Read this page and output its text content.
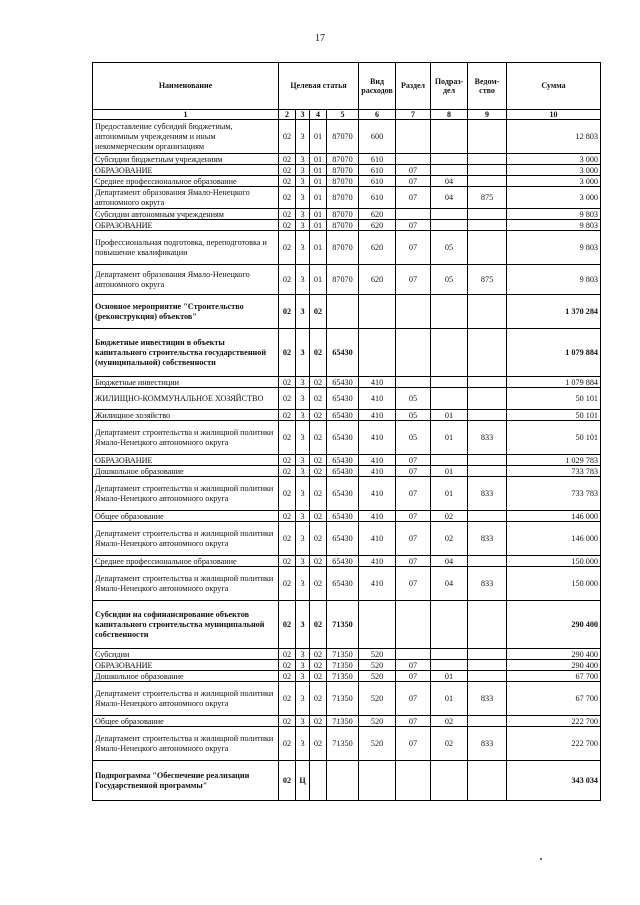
17
Наименование	Целевая статья				Вид расходов	Раздел	Подраз-дел	Ведом-ство	Сумма
1	2	3	4	5	6	7	8	9	10
Предоставление субсидий бюджетным, автономным учреждениям и иным некоммерческим организациям	02	3	01	87070	600				12 803
Субсидии бюджетным учреждениям	02	3	01	87070	610				3 000
ОБРАЗОВАНИЕ	02	3	01	87070	610	07			3 000
Среднее профессиональное образование	02	3	01	87070	610	07	04		3 000
Департамент образования Ямало-Ненецкого автономного округа	02	3	01	87070	610	07	04	875	3 000
Субсидии автономным учреждениям	02	3	01	87070	620				9 803
ОБРАЗОВАНИЕ	02	3	01	87070	620	07			9 803
Профессиональная подготовка, переподготовка и повышение квалификации	02	3	01	87070	620	07	05		9 803
Департамент образования Ямало-Ненецкого автономного округа	02	3	01	87070	620	07	05	875	9 803
Основное мероприятие "Строительство (реконструкция) объектов"	02	3	02						1 370 284
Бюджетные инвестиции в объекты капитального строительства государственной (муниципальной) собственности	02	3	02	65430					1 079 884
Бюджетные инвестиции	02	3	02	65430	410				1 079 884
ЖИЛИЩНО-КОММУНАЛЬНОЕ ХОЗЯЙСТВО	02	3	02	65430	410	05			50 101
Жилищное хозяйство	02	3	02	65430	410	05	01		50 101
Департамент строительства и жилищной политики Ямало-Ненецкого автономного округа	02	3	02	65430	410	05	01	833	50 101
ОБРАЗОВАНИЕ	02	3	02	65430	410	07			1 029 783
Дошкольное образование	02	3	02	65430	410	07	01		733 783
Департамент строительства и жилищной политики Ямало-Ненецкого автономного округа	02	3	02	65430	410	07	01	833	733 783
Общее образование	02	3	02	65430	410	07	02		146 000
Департамент строительства и жилищной политики Ямало-Ненецкого автономного округа	02	3	02	65430	410	07	02	833	146 000
Среднее профессиональное образование	02	3	02	65430	410	07	04		150 000
Департамент строительства и жилищной политики Ямало-Ненецкого автономного округа	02	3	02	65430	410	07	04	833	150 000
Субсидии на софинансирование объектов капитального строительства муниципальной собственности	02	3	02	71350					290 400
Субсидии	02	3	02	71350	520				290 400
ОБРАЗОВАНИЕ	02	3	02	71350	520	07			290 400
Дошкольное образование	02	3	02	71350	520	07	01		67 700
Департамент строительства и жилищной политики Ямало-Ненецкого автономного округа	02	3	02	71350	520	07	01	833	67 700
Общее образование	02	3	02	71350	520	07	02		222 700
Департамент строительства и жилищной политики Ямало-Ненецкого автономного округа	02	3	02	71350	520	07	02	833	222 700
Подпрограмма "Обеспечение реализации Государственной программы"	02	Ц							343 034
